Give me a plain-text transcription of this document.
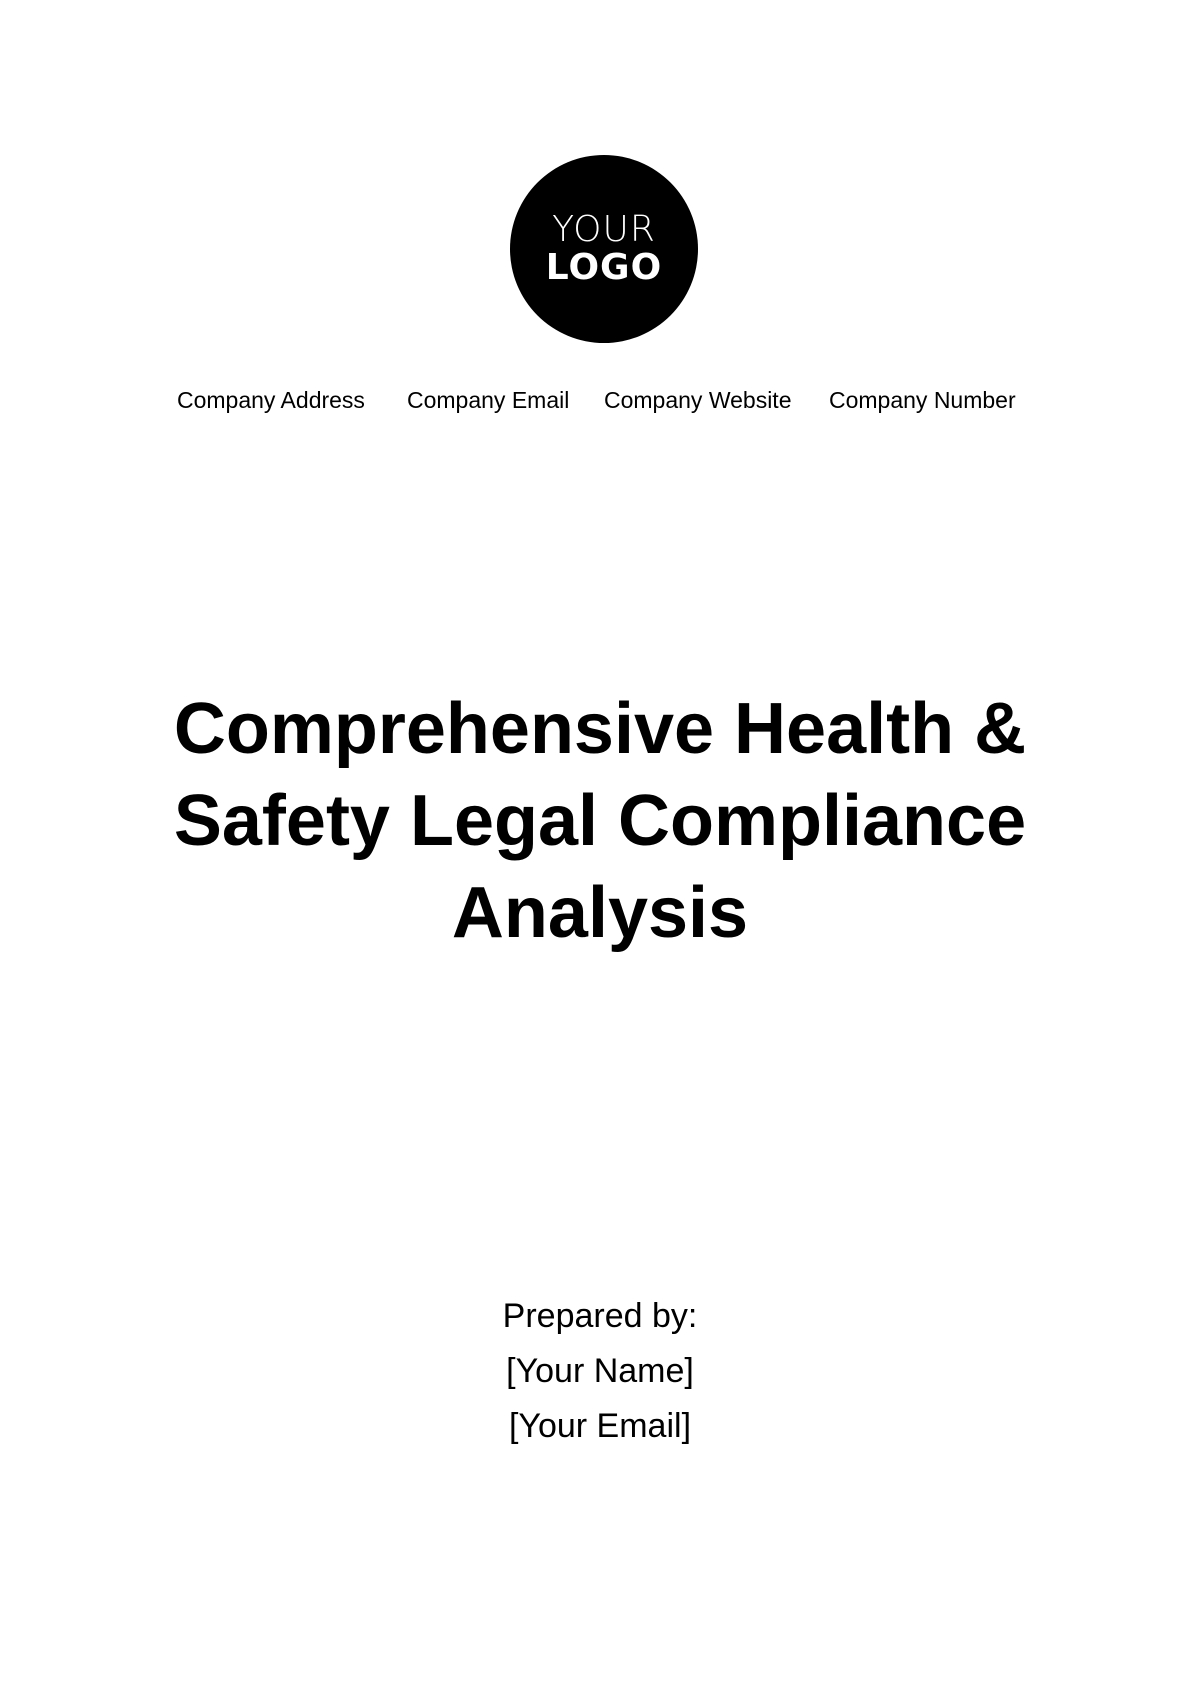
YOUR
LOGO
Company Address Company Email Company Website Company Number
Comprehensive Health &
Safety Legal Compliance
Analysis
Prepared by:
[Your Name]
[Your Email]
